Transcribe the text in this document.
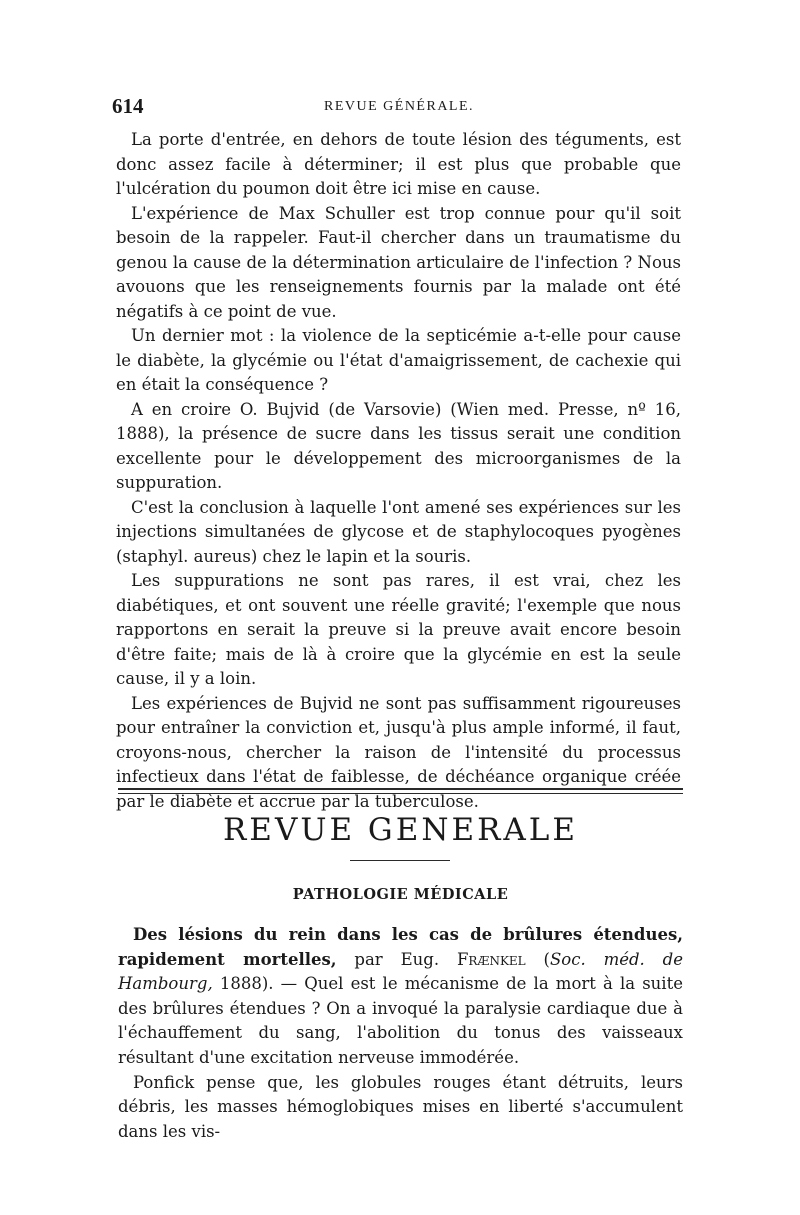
614	REVUE GÉNÉRALE.

La porte d'entrée, en dehors de toute lésion des téguments, est donc assez facile à déterminer; il est plus que probable que l'ulcération du poumon doit être ici mise en cause.

L'expérience de Max Schuller est trop connue pour qu'il soit besoin de la rappeler. Faut-il chercher dans un traumatisme du genou la cause de la détermination articulaire de l'infection ? Nous avouons que les renseignements fournis par la malade ont été négatifs à ce point de vue.

Un dernier mot : la violence de la septicémie a-t-elle pour cause le diabète, la glycémie ou l'état d'amaigrissement, de cachexie qui en était la conséquence ?

A en croire O. Bujvid (de Varsovie) (Wien med. Presse, nº 16, 1888), la présence de sucre dans les tissus serait une condition excellente pour le développement des microorganismes de la suppuration.

C'est la conclusion à laquelle l'ont amené ses expériences sur les injections simultanées de glycose et de staphylocoques pyogènes (staphyl. aureus) chez le lapin et la souris.

Les suppurations ne sont pas rares, il est vrai, chez les diabétiques, et ont souvent une réelle gravité; l'exemple que nous rapportons en serait la preuve si la preuve avait encore besoin d'être faite; mais de là à croire que la glycémie en est la seule cause, il y a loin.

Les expériences de Bujvid ne sont pas suffisamment rigoureuses pour entraîner la conviction et, jusqu'à plus ample informé, il faut, croyons-nous, chercher la raison de l'intensité du processus infectieux dans l'état de faiblesse, de déchéance organique créée par le diabète et accrue par la tuberculose.

REVUE GENERALE
PATHOLOGIE MÉDICALE

Des lésions du rein dans les cas de brûlures étendues, rapidement mortelles, par Eug. Frænkel (Soc. méd. de Hambourg, 1888). — Quel est le mécanisme de la mort à la suite des brûlures étendues ? On a invoqué la paralysie cardiaque due à l'échauffement du sang, l'abolition du tonus des vaisseaux résultant d'une excitation nerveuse immodérée.

Ponfick pense que, les globules rouges étant détruits, leurs débris, les masses hémoglobiques mises en liberté s'accumulent dans les vis-
